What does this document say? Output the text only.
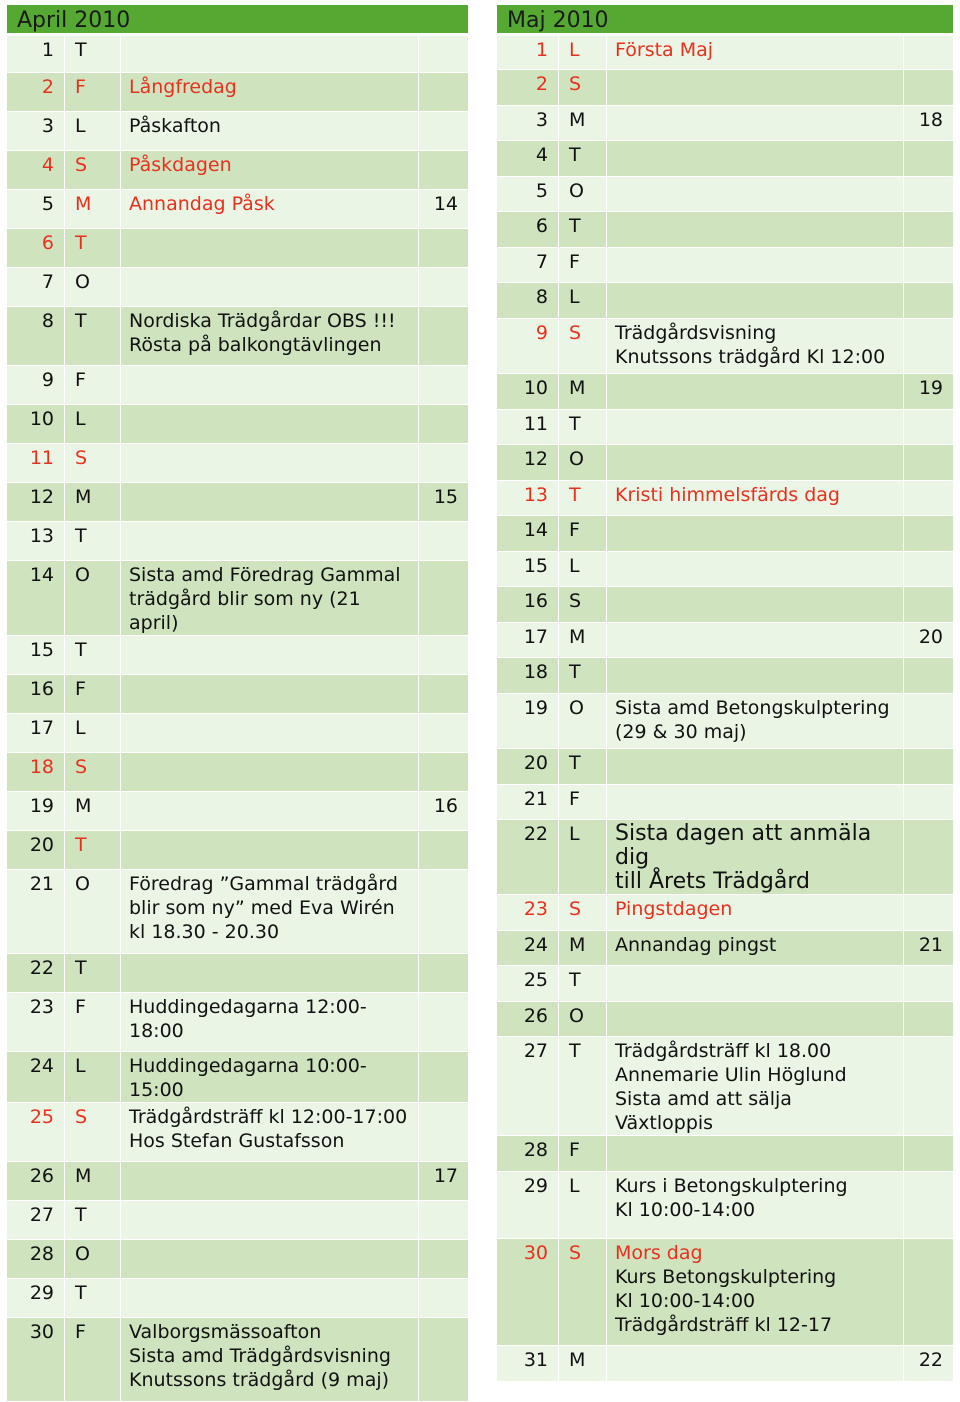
April 2010			
1	T		
2	F	Långfredag	
3	L	Påskafton	
4	S	Påskdagen	
5	M	Annandag Påsk	14
6	T		
7	O		
8	T	Nordiska Trädgårdar OBS !!!
Rösta på balkongtävlingen	
9	F		
10	L		
11	S		
12	M		15
13	T		
14	O	Sista amd Föredrag Gammal
trädgård blir som ny (21 april)	
15	T		
16	F		
17	L		
18	S		
19	M		16
20	T		
21	O	Föredrag ”Gammal trädgård
blir som ny” med Eva Wirén
kl 18.30 - 20.30	
22	T		
23	F	Huddingedagarna 12:00-18:00	
24	L	Huddingedagarna 10:00-15:00	
25	S	Trädgårdsträff kl 12:00-17:00
Hos Stefan Gustafsson	
26	M		17
27	T		
28	O		
29	T		
30	F	Valborgsmässoafton
Sista amd Trädgårdsvisning
Knutssons trädgård (9 maj)	
Maj 2010			
1	L	Första Maj	
2	S		
3	M		18
4	T		
5	O		
6	T		
7	F		
8	L		
9	S	Trädgårdsvisning
Knutssons trädgård Kl 12:00	
10	M		19
11	T		
12	O		
13	T	Kristi himmelsfärds dag	
14	F		
15	L		
16	S		
17	M		20
18	T		
19	O	Sista amd Betongskulptering
(29 & 30 maj)	
20	T		
21	F		
22	L	Sista dagen att anmäla dig
till Årets Trädgård	
23	S	Pingstdagen	
24	M	Annandag pingst	21
25	T		
26	O		
27	T	Trädgårdsträff kl 18.00
Annemarie Ulin Höglund
Sista amd att sälja Växtloppis	
28	F		
29	L	Kurs i Betongskulptering
Kl 10:00-14:00	
30	S	Mors dag
Kurs Betongskulptering
Kl 10:00-14:00
Trädgårdsträff kl 12-17	
31	M		22
